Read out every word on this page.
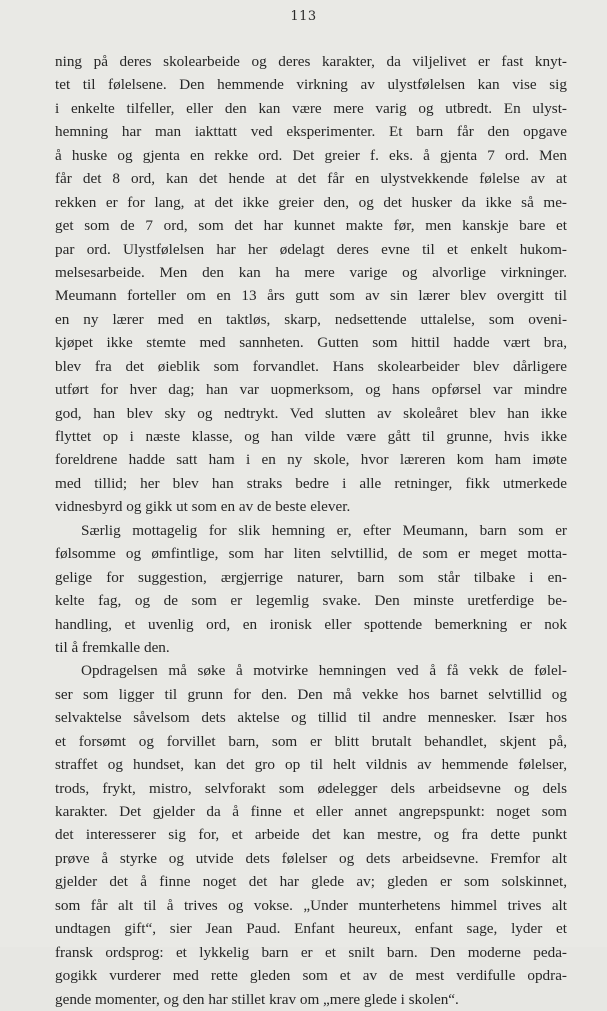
113
ning på deres skolearbeide og deres karakter, da viljelivet er fast knyt-
tet til følelsene. Den hemmende virkning av ulystfølelsen kan vise sig
i enkelte tilfeller, eller den kan være mere varig og utbredt. En ulyst-
hemning har man iakttatt ved eksperimenter. Et barn får den opgave
å huske og gjenta en rekke ord. Det greier f. eks. å gjenta 7 ord. Men
får det 8 ord, kan det hende at det får en ulystvekkende følelse av at
rekken er for lang, at det ikke greier den, og det husker da ikke så me-
get som de 7 ord, som det har kunnet makte før, men kanskje bare et
par ord. Ulystfølelsen har her ødelagt deres evne til et enkelt hukom-
melsesarbeide. Men den kan ha mere varige og alvorlige virkninger.
Meumann forteller om en 13 års gutt som av sin lærer blev overgitt til
en ny lærer med en taktløs, skarp, nedsettende uttalelse, som oveni-
kjøpet ikke stemte med sannheten. Gutten som hittil hadde vært bra,
blev fra det øieblik som forvandlet. Hans skolearbeider blev dårligere
utført for hver dag; han var uopmerksom, og hans opførsel var mindre
god, han blev sky og nedtrykt. Ved slutten av skoleåret blev han ikke
flyttet op i næste klasse, og han vilde være gått til grunne, hvis ikke
foreldrene hadde satt ham i en ny skole, hvor læreren kom ham imøte
med tillid; her blev han straks bedre i alle retninger, fikk utmerkede
vidnesbyrd og gikk ut som en av de beste elever.
Særlig mottagelig for slik hemning er, efter Meumann, barn som er
følsomme og ømfintlige, som har liten selvtillid, de som er meget motta-
gelige for suggestion, ærgjerrige naturer, barn som står tilbake i en-
kelte fag, og de som er legemlig svake. Den minste uretferdige be-
handling, et uvenlig ord, en ironisk eller spottende bemerkning er nok
til å fremkalle den.
Opdragelsen må søke å motvirke hemningen ved å få vekk de følel-
ser som ligger til grunn for den. Den må vekke hos barnet selvtillid og
selvaktelse såvelsom dets aktelse og tillid til andre mennesker. Især hos
et forsømt og forvillet barn, som er blitt brutalt behandlet, skjent på,
straffet og hundset, kan det gro op til helt vildnis av hemmende følelser,
trods, frykt, mistro, selvforakt som ødelegger dels arbeidsevne og dels
karakter. Det gjelder da å finne et eller annet angrepspunkt: noget som
det interesserer sig for, et arbeide det kan mestre, og fra dette punkt
prøve å styrke og utvide dets følelser og dets arbeidsevne. Fremfor alt
gjelder det å finne noget det har glede av; gleden er som solskinnet,
som får alt til å trives og vokse. „Under munterhetens himmel trives alt
undtagen gift“, sier Jean Paud. Enfant heureux, enfant sage, lyder et
fransk ordsprog: et lykkelig barn er et snilt barn. Den moderne peda-
gogikk vurderer med rette gleden som et av de mest verdifulle opdra-
gende momenter, og den har stillet krav om „mere glede i skolen“.
